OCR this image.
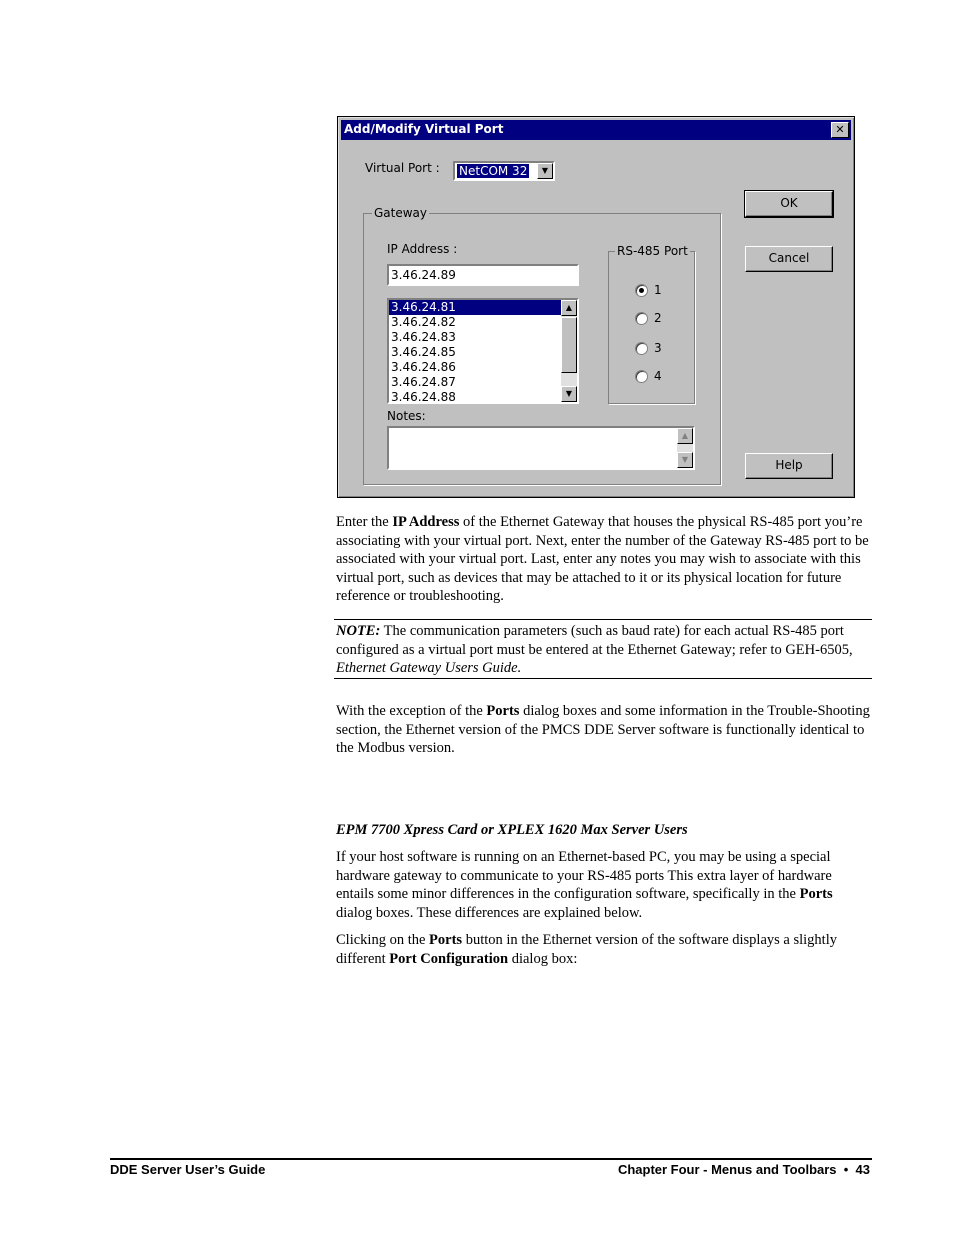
Add/Modify Virtual Port	✕
Virtual Port : NetCOM 32	▼
Gateway
IP Address :
3.46.24.89
3.46.24.81
3.46.24.82
3.46.24.83
3.46.24.85
3.46.24.86
3.46.24.87
3.46.24.88
▲
▼
RS-485 Port
1
2
3
4
Notes:
▲
▼
OK
Cancel
Help
Enter the IP Address of the Ethernet Gateway that houses the physical RS-485 port you’re associating with your virtual port. Next, enter the number of the Gateway RS-485 port to be associated with your virtual port. Last, enter any notes you may wish to associate with this virtual port, such as devices that may be attached to it or its physical location for future reference or troubleshooting.
NOTE: The communication parameters (such as baud rate) for each actual RS-485 port configured as a virtual port must be entered at the Ethernet Gateway; refer to GEH-6505, Ethernet Gateway Users Guide.
With the exception of the Ports dialog boxes and some information in the Trouble-Shooting section, the Ethernet version of the PMCS DDE Server software is functionally identical to the Modbus version.
EPM 7700 Xpress Card or XPLEX 1620 Max Server Users
If your host software is running on an Ethernet-based PC, you may be using a special hardware gateway to communicate to your RS-485 ports This extra layer of hardware entails some minor differences in the configuration software, specifically in the Ports dialog boxes. These differences are explained below.
Clicking on the Ports button in the Ethernet version of the software displays a slightly different Port Configuration dialog box:
DDE Server User’s Guide	Chapter Four - Menus and Toolbars  •  43
